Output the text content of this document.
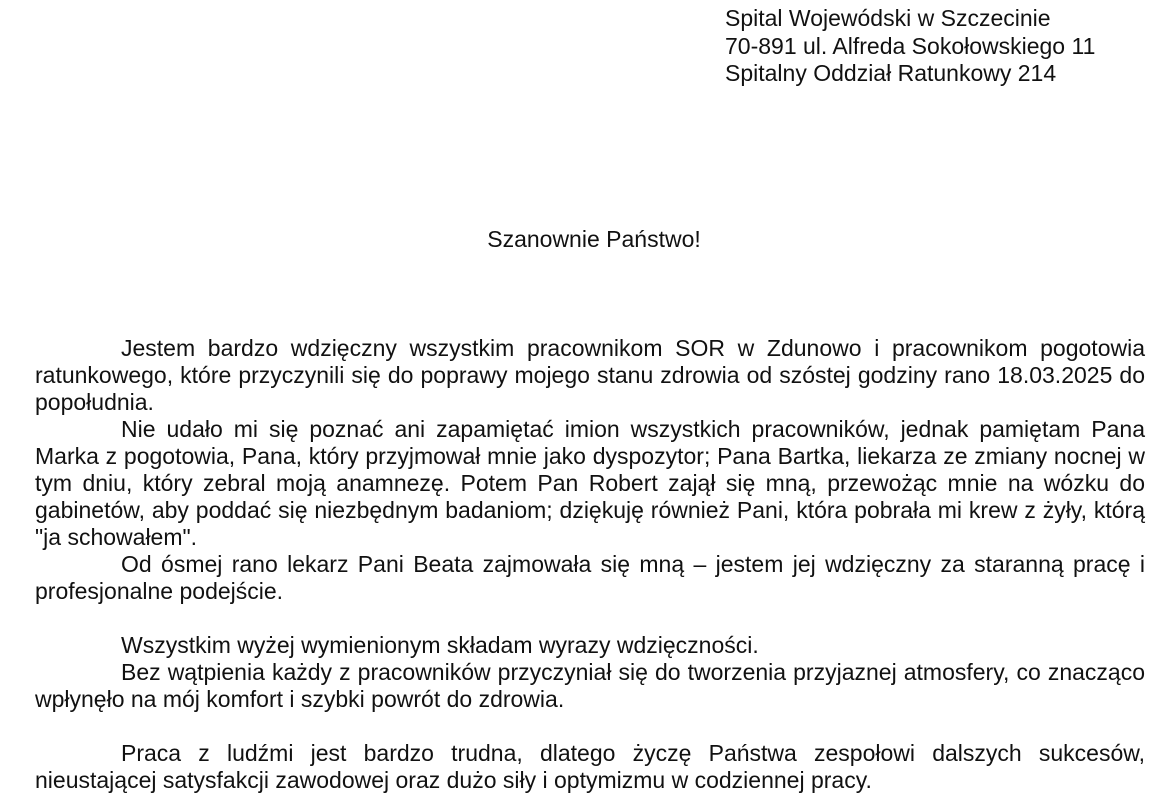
Spital Wojewódski w Szczecinie
70-891 ul. Alfreda Sokołowskiego 11
Spitalny Oddział Ratunkowy 214
Szanownie Państwo!

Jestem bardzo wdzięczny wszystkim pracownikom SOR w Zdunowo i pracownikom pogotowia ratunkowego, które przyczynili się do poprawy mojego stanu zdrowia od szóstej godziny rano 18.03.2025 do popołudnia.

Nie udało mi się poznać ani zapamiętać imion wszystkich pracowników, jednak pamiętam Pana Marka z pogotowia, Pana, który przyjmował mnie jako dyspozytor; Pana Bartka, liekarza ze zmiany nocnej w tym dniu, który zebral moją anamnezę. Potem Pan Robert zajął się mną, przewożąc mnie na wózku do gabinetów, aby poddać się niezbędnym badaniom; dziękuję również Pani, która pobrała mi krew z żyły, którą "ja schowałem".

Od ósmej rano lekarz Pani Beata zajmowała się mną – jestem jej wdzięczny za staranną pracę i profesjonalne podejście.

Wszystkim wyżej wymienionym składam wyrazy wdzięczności.

Bez wątpienia każdy z pracowników przyczyniał się do tworzenia przyjaznej atmosfery, co znacząco wpłynęło na mój komfort i szybki powrót do zdrowia.

Praca z ludźmi jest bardzo trudna, dlatego życzę Państwa zespołowi dalszych sukcesów, nieustającej satysfakcji zawodowej oraz dużo siły i optymizmu w codziennej pracy.
